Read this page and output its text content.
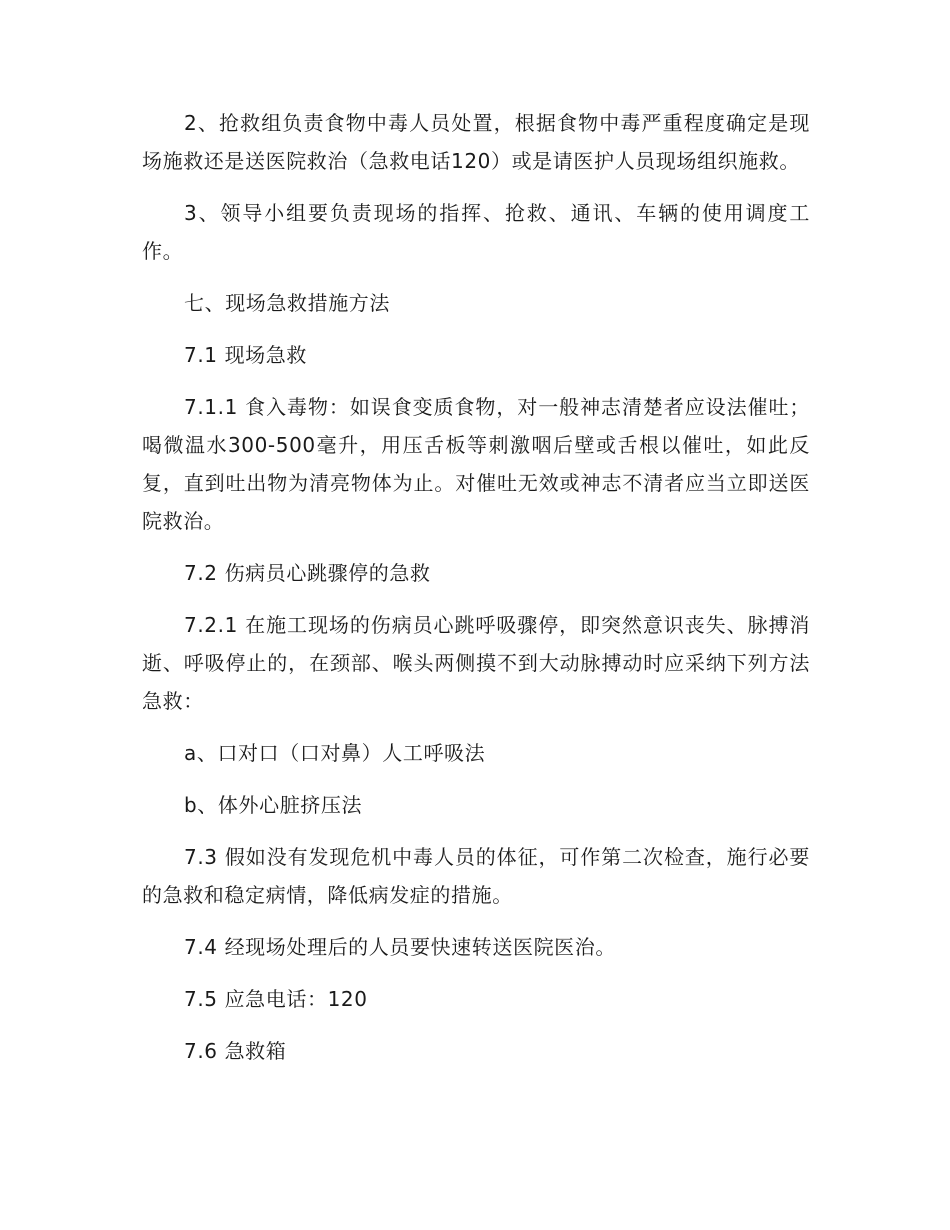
2、抢救组负责食物中毒人员处置，根据食物中毒严重程度确定是现场施救还是送医院救治（急救电话120）或是请医护人员现场组织施救。

3、领导小组要负责现场的指挥、抢救、通讯、车辆的使用调度工作。

七、现场急救措施方法

7.1 现场急救

7.1.1 食入毒物：如误食变质食物，对一般神志清楚者应设法催吐；喝微温水300-500毫升，用压舌板等刺激咽后壁或舌根以催吐，如此反复，直到吐出物为清亮物体为止。对催吐无效或神志不清者应当立即送医院救治。

7.2 伤病员心跳骤停的急救

7.2.1 在施工现场的伤病员心跳呼吸骤停，即突然意识丧失、脉搏消逝、呼吸停止的，在颈部、喉头两侧摸不到大动脉搏动时应采纳下列方法急救：

a、口对口（口对鼻）人工呼吸法

b、体外心脏挤压法

7.3 假如没有发现危机中毒人员的体征，可作第二次检查，施行必要的急救和稳定病情，降低病发症的措施。

7.4 经现场处理后的人员要快速转送医院医治。

7.5 应急电话：120

7.6 急救箱
